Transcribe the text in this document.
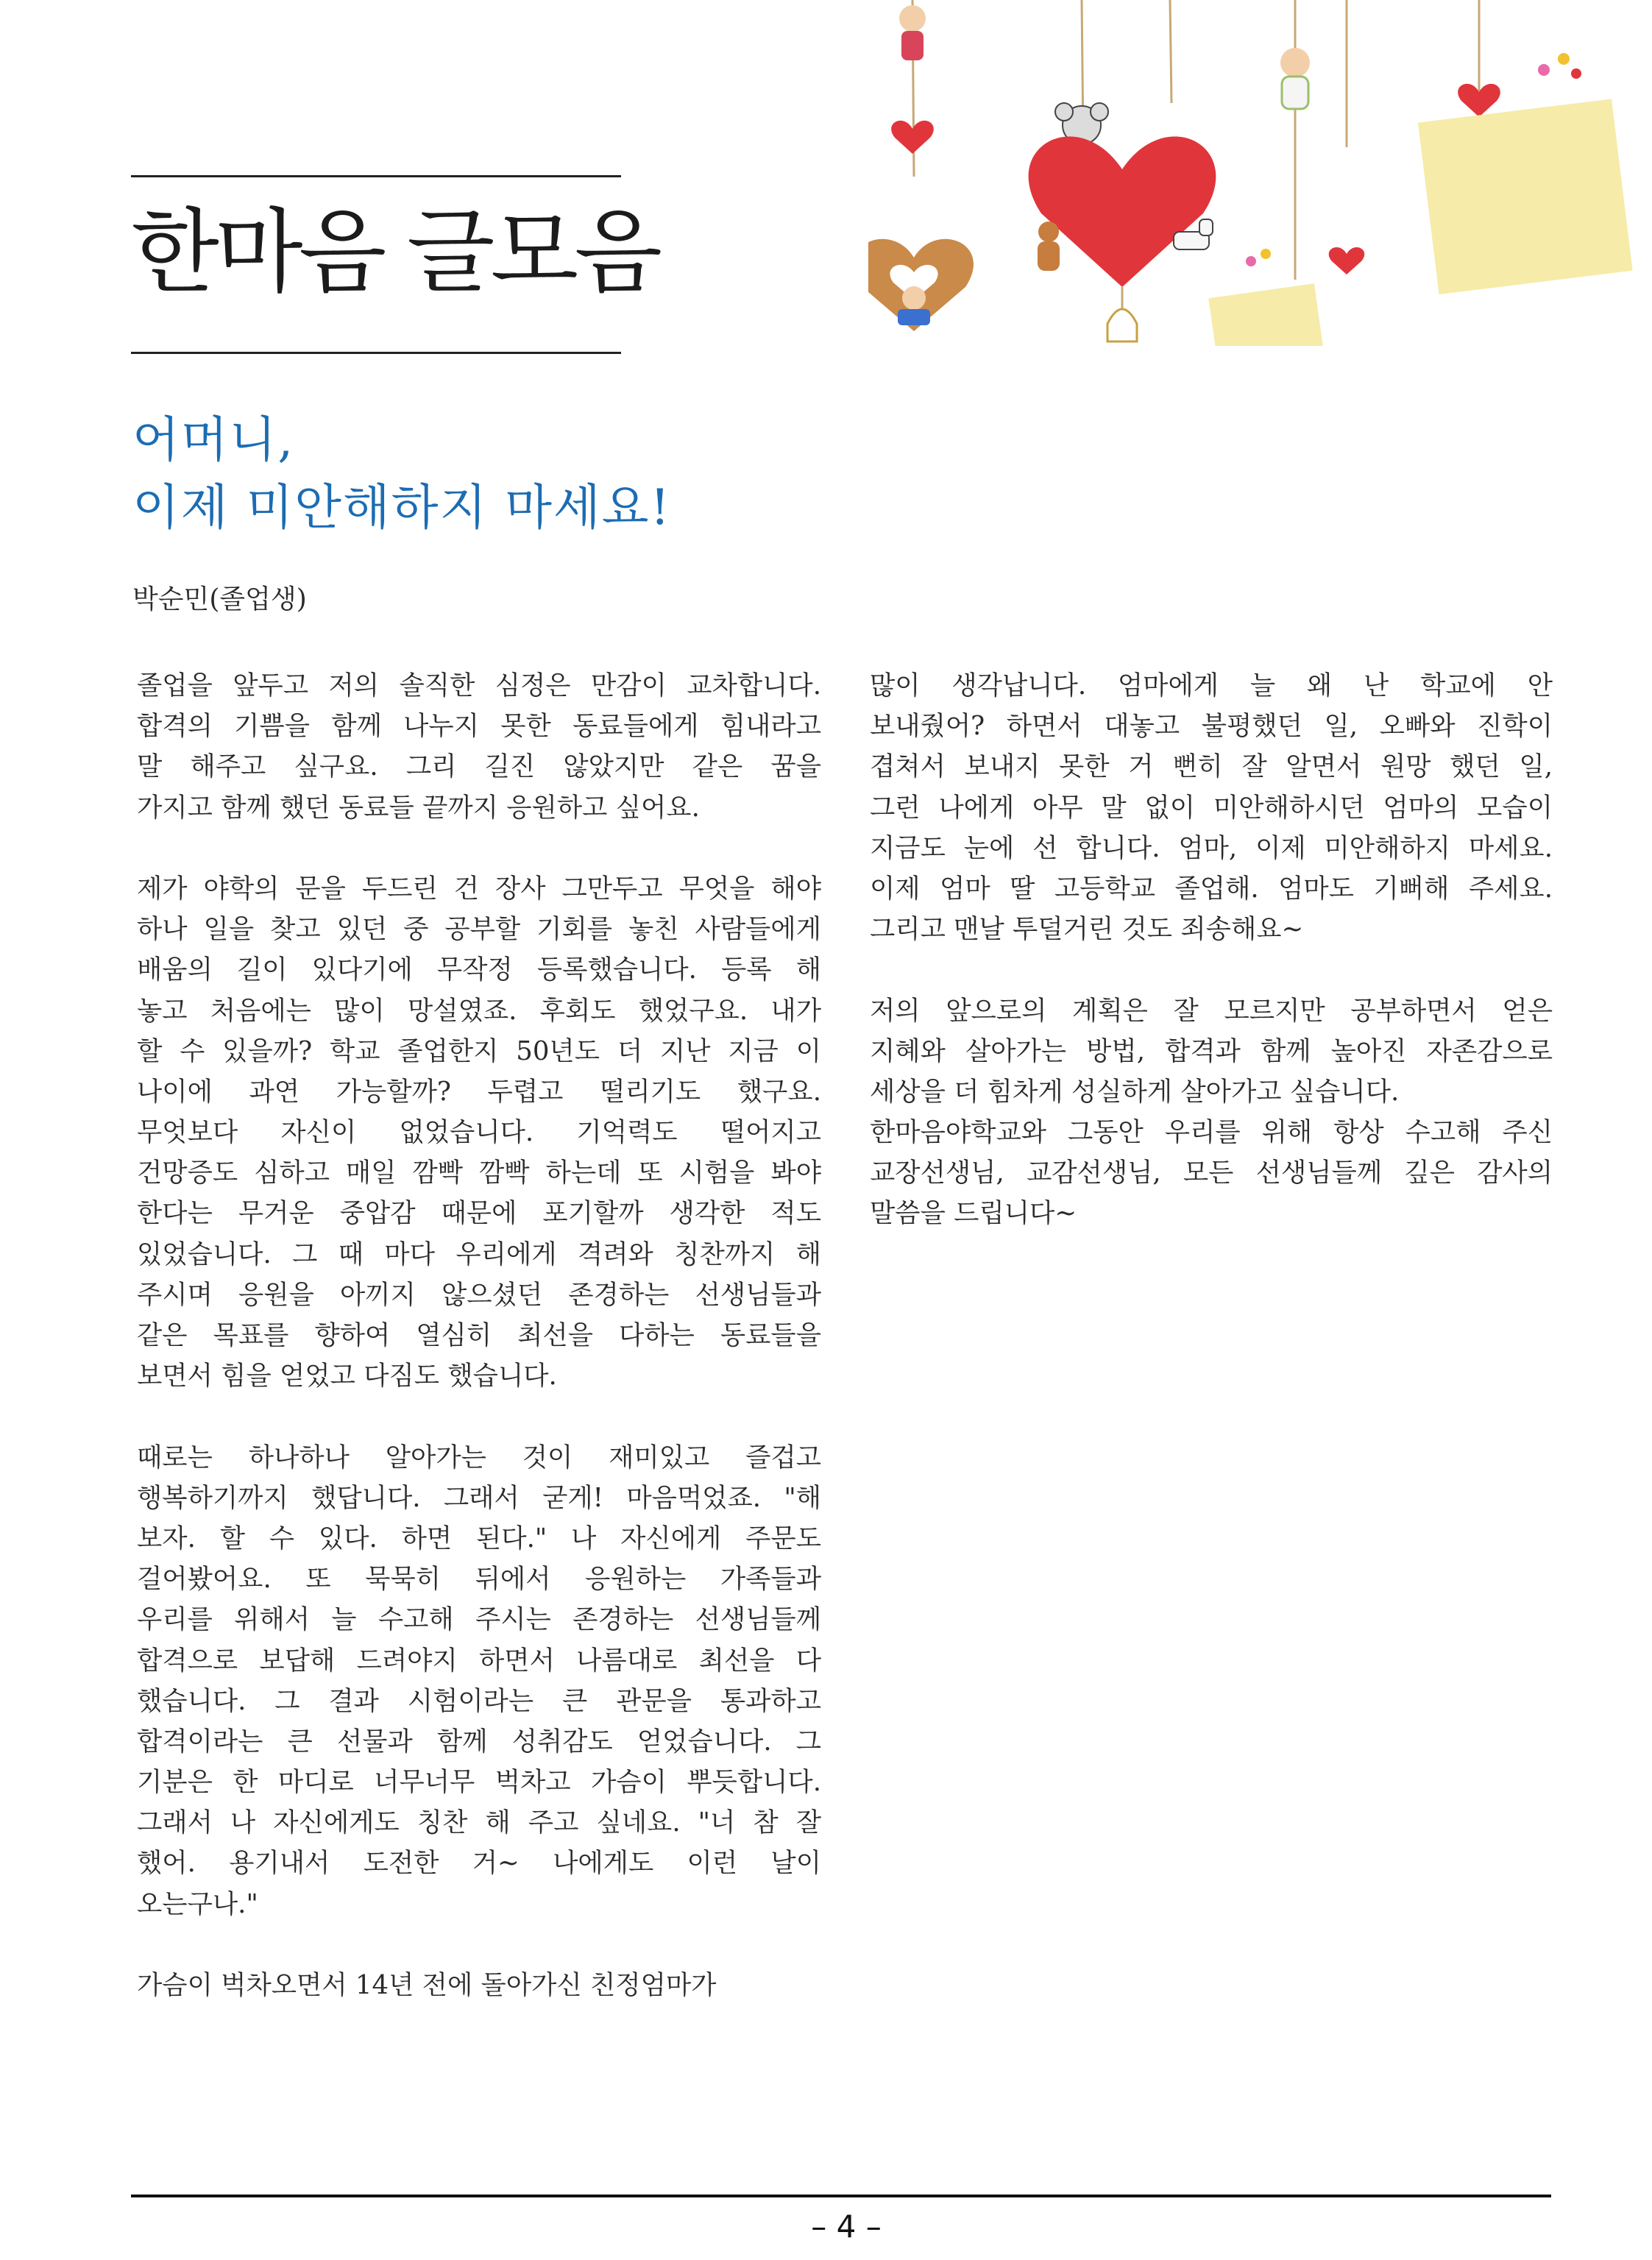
한마음 글모음
어머니,
이제 미안해하지 마세요!
박순민(졸업생)
졸업을 앞두고 저의 솔직한 심정은 만감이 교차합니다.
합격의 기쁨을 함께 나누지 못한 동료들에게 힘내라고
말 해주고 싶구요. 그리 길진 않았지만 같은 꿈을
가지고 함께 했던 동료들 끝까지 응원하고 싶어요.
제가 야학의 문을 두드린 건 장사 그만두고 무엇을 해야
하나 일을 찾고 있던 중 공부할 기회를 놓친 사람들에게
배움의 길이 있다기에 무작정 등록했습니다. 등록 해
놓고 처음에는 많이 망설였죠. 후회도 했었구요. 내가
할 수 있을까? 학교 졸업한지 50년도 더 지난 지금 이
나이에 과연 가능할까? 두렵고 떨리기도 했구요.
무엇보다 자신이 없었습니다. 기억력도 떨어지고
건망증도 심하고 매일 깜빡 깜빡 하는데 또 시험을 봐야
한다는 무거운 중압감 때문에 포기할까 생각한 적도
있었습니다. 그 때 마다 우리에게 격려와 칭찬까지 해
주시며 응원을 아끼지 않으셨던 존경하는 선생님들과
같은 목표를 향하여 열심히 최선을 다하는 동료들을
보면서 힘을 얻었고 다짐도 했습니다.
때로는 하나하나 알아가는 것이 재미있고 즐겁고
행복하기까지 했답니다. 그래서 굳게! 마음먹었죠. "해
보자. 할 수 있다. 하면 된다." 나 자신에게 주문도
걸어봤어요. 또 묵묵히 뒤에서 응원하는 가족들과
우리를 위해서 늘 수고해 주시는 존경하는 선생님들께
합격으로 보답해 드려야지 하면서 나름대로 최선을 다
했습니다. 그 결과 시험이라는 큰 관문을 통과하고
합격이라는 큰 선물과 함께 성취감도 얻었습니다. 그
기분은 한 마디로 너무너무 벅차고 가슴이 뿌듯합니다.
그래서 나 자신에게도 칭찬 해 주고 싶네요. "너 참 잘
했어. 용기내서 도전한 거~ 나에게도 이런 날이
오는구나."
가슴이 벅차오면서 14년 전에 돌아가신 친정엄마가
많이 생각납니다. 엄마에게 늘 왜 난 학교에 안
보내줬어? 하면서 대놓고 불평했던 일, 오빠와 진학이
겹쳐서 보내지 못한 거 뻔히 잘 알면서 원망 했던 일,
그런 나에게 아무 말 없이 미안해하시던 엄마의 모습이
지금도 눈에 선 합니다. 엄마, 이제 미안해하지 마세요.
이제 엄마 딸 고등학교 졸업해. 엄마도 기뻐해 주세요.
그리고 맨날 투덜거린 것도 죄송해요~
저의 앞으로의 계획은 잘 모르지만 공부하면서 얻은
지혜와 살아가는 방법, 합격과 함께 높아진 자존감으로
세상을 더 힘차게 성실하게 살아가고 싶습니다.
한마음야학교와 그동안 우리를 위해 항상 수고해 주신
교장선생님, 교감선생님, 모든 선생님들께 깊은 감사의
말씀을 드립니다~
– 4 –
